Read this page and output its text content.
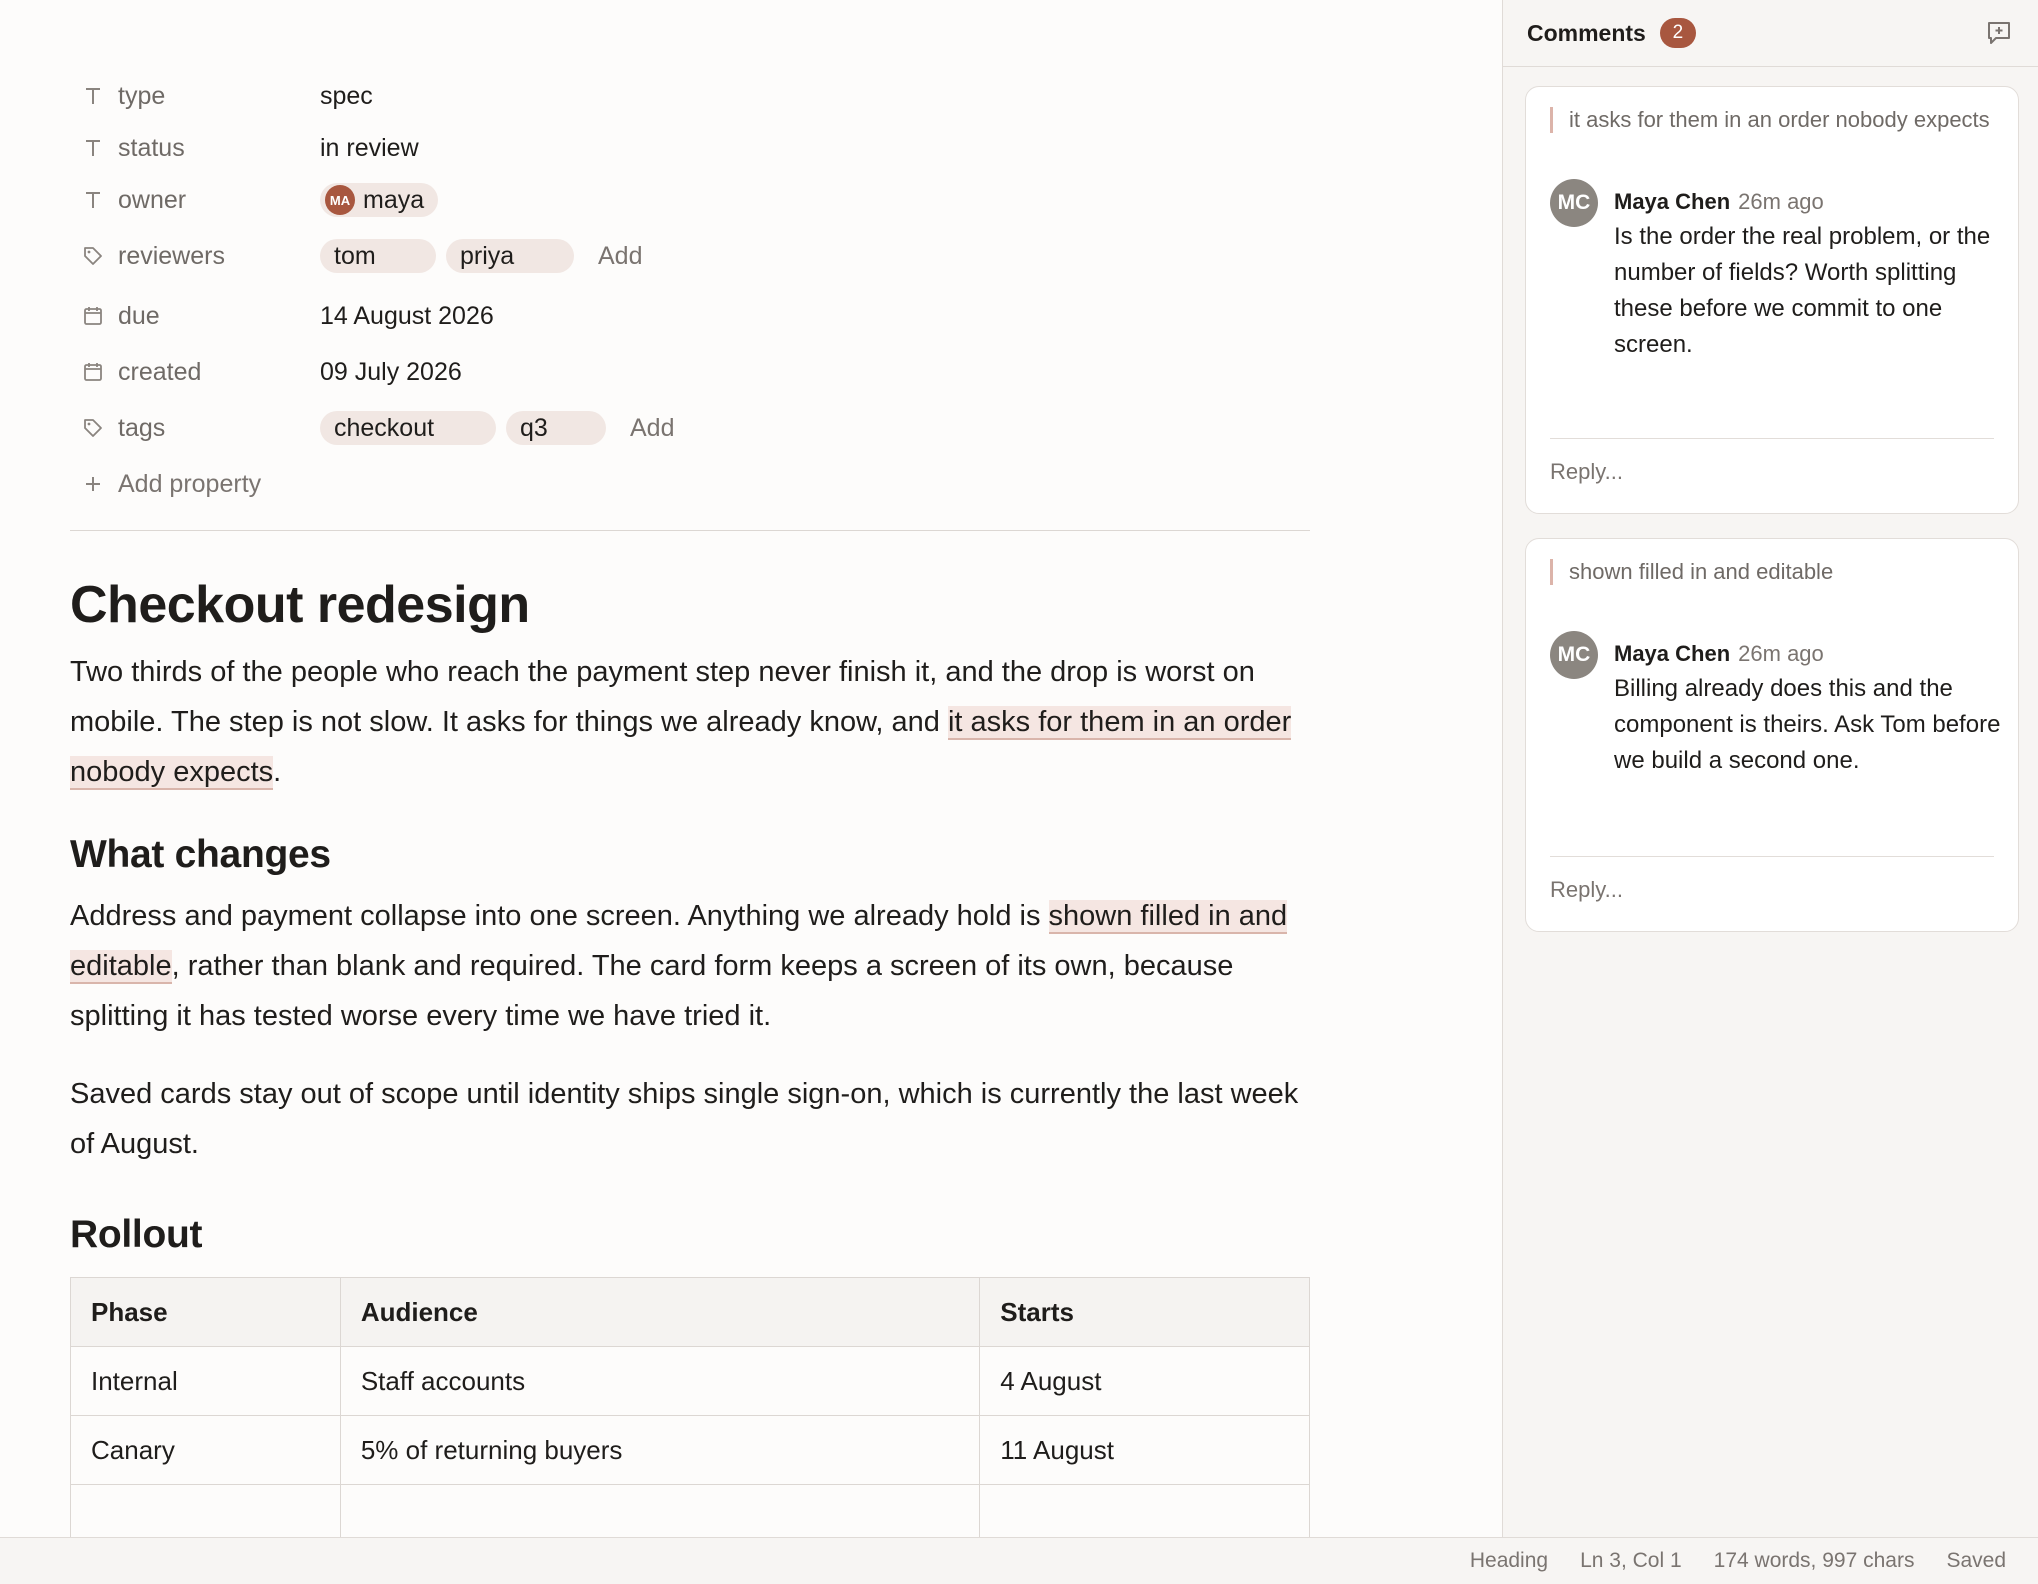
type	spec
status	in review
owner	MA maya
reviewers	tom	priya	Add
due	14 August 2026
created	09 July 2026
tags	checkout	q3	Add
Add property
Checkout redesign

Two thirds of the people who reach the payment step never finish it, and the drop is worst on mobile. The step is not slow. It asks for things we already know, and it asks for them in an order nobody expects.

What changes

Address and payment collapse into one screen. Anything we already hold is shown filled in and editable, rather than blank and required. The card form keeps a screen of its own, because splitting it has tested worse every time we have tried it.

Saved cards stay out of scope until identity ships single sign-on, which is currently the last week of August.

Rollout
Phase	Audience	Starts
Internal	Staff accounts	4 August
Canary	5% of returning buyers	11 August

Comments	2
it asks for them in an order nobody expects
MC	Maya Chen 26m ago
Is the order the real problem, or the number of fields? Worth splitting these before we commit to one screen.
Reply...
shown filled in and editable
MC	Maya Chen 26m ago
Billing already does this and the component is theirs. Ask Tom before we build a second one.
Reply...
Heading Ln 3, Col 1 174 words, 997 chars Saved
